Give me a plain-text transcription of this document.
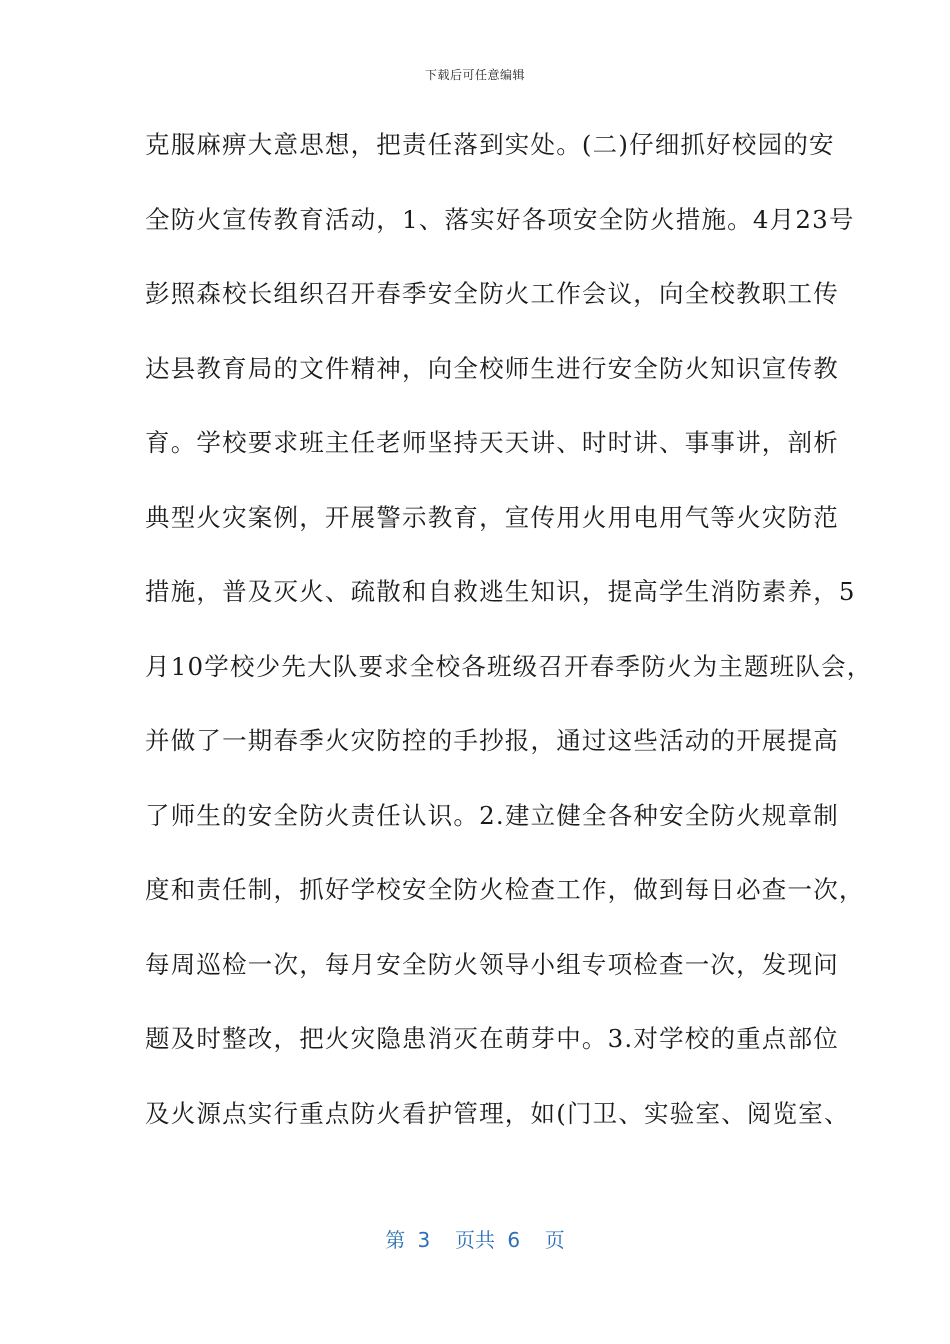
下载后可任意编辑
克服麻痹大意思想，把责任落到实处。(二)仔细抓好校园的安
全防火宣传教育活动，1、落实好各项安全防火措施。4月23号
彭照森校长组织召开春季安全防火工作会议，向全校教职工传
达县教育局的文件精神，向全校师生进行安全防火知识宣传教
育。学校要求班主任老师坚持天天讲、时时讲、事事讲，剖析
典型火灾案例，开展警示教育，宣传用火用电用气等火灾防范
措施，普及灭火、疏散和自救逃生知识，提高学生消防素养，5
月10学校少先大队要求全校各班级召开春季防火为主题班队会，
并做了一期春季火灾防控的手抄报，通过这些活动的开展提高
了师生的安全防火责任认识。2.建立健全各种安全防火规章制
度和责任制，抓好学校安全防火检查工作，做到每日必查一次，
每周巡检一次，每月安全防火领导小组专项检查一次，发现问
题及时整改，把火灾隐患消灭在萌芽中。3.对学校的重点部位
及火源点实行重点防火看护管理，如(门卫、实验室、阅览室、
第 3  页共 6  页
